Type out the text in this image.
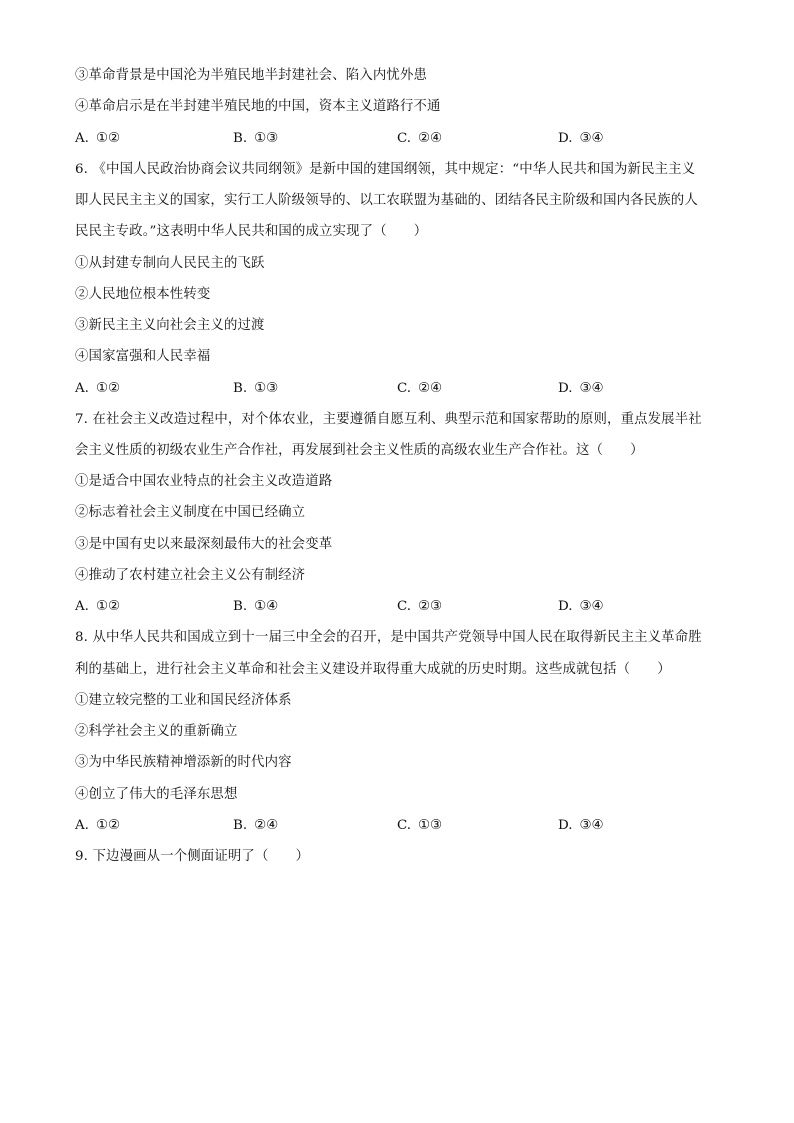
③革命背景是中国沦为半殖民地半封建社会、陷入内忧外患
④革命启示是在半封建半殖民地的中国，资本主义道路行不通
A. ①②	B. ①③	C. ②④	D. ③④
6. 《中国人民政治协商会议共同纲领》是新中国的建国纲领，其中规定：“中华人民共和国为新民主主义
即人民民主主义的国家，实行工人阶级领导的、以工农联盟为基础的、团结各民主阶级和国内各民族的人
民民主专政。”这表明中华人民共和国的成立实现了（　　）
①从封建专制向人民民主的飞跃
②人民地位根本性转变
③新民主主义向社会主义的过渡
④国家富强和人民幸福
A. ①②	B. ①③	C. ②④	D. ③④
7. 在社会主义改造过程中，对个体农业，主要遵循自愿互利、典型示范和国家帮助的原则，重点发展半社
会主义性质的初级农业生产合作社，再发展到社会主义性质的高级农业生产合作社。这（　　）
①是适合中国农业特点的社会主义改造道路
②标志着社会主义制度在中国已经确立
③是中国有史以来最深刻最伟大的社会变革
④推动了农村建立社会主义公有制经济
A. ①②	B. ①④	C. ②③	D. ③④
8. 从中华人民共和国成立到十一届三中全会的召开，是中国共产党领导中国人民在取得新民主主义革命胜
利的基础上，进行社会主义革命和社会主义建设并取得重大成就的历史时期。这些成就包括（　　）
①建立较完整的工业和国民经济体系
②科学社会主义的重新确立
③为中华民族精神增添新的时代内容
④创立了伟大的毛泽东思想
A. ①②	B. ②④	C. ①③	D. ③④
9. 下边漫画从一个侧面证明了（　　）
